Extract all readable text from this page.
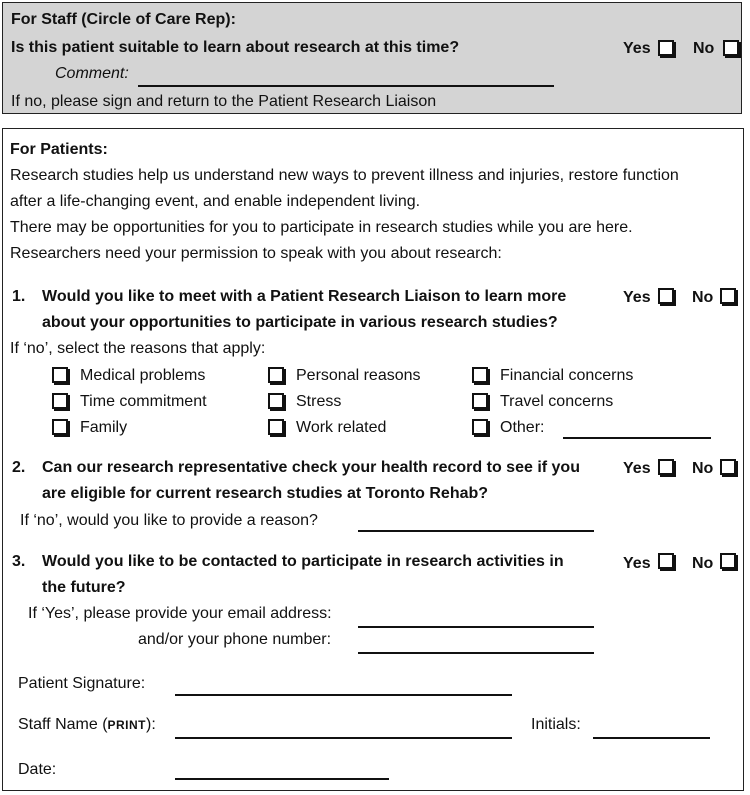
For Staff (Circle of Care Rep):
Is this patient suitable to learn about research at this time?	Yes	No
Comment:
If no, please sign and return to the Patient Research Liaison
For Patients:
Research studies help us understand new ways to prevent illness and injuries, restore function
after a life-changing event, and enable independent living.
There may be opportunities for you to participate in research studies while you are here.
Researchers need your permission to speak with you about research:
1. Would you like to meet with a Patient Research Liaison to learn more
about your opportunities to participate in various research studies?
Yes	No
If ‘no’, select the reasons that apply:
Medical problems	Personal reasons	Financial concerns
Time commitment	Stress	Travel concerns
Family	Work related	Other:
2. Can our research representative check your health record to see if you
are eligible for current research studies at Toronto Rehab?
Yes	No
If ‘no’, would you like to provide a reason?
3. Would you like to be contacted to participate in research activities in
the future?
Yes	No
If ‘Yes’, please provide your email address:
and/or your phone number:
Patient Signature:
Staff Name (PRINT):	Initials:
Date:
